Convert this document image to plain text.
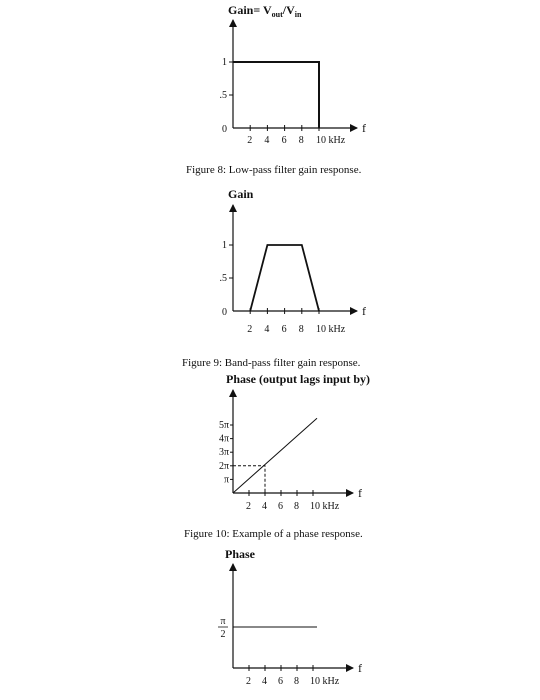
Gain= $V_{out}/V_{in}$
f
1
.5
0
2 4 6 8 10 kHz
Figure 8: Low-pass filter gain response.
Gain
f
1
.5
0
2 4 6 8 10 kHz
Figure 9: Band-pass filter gain response.
Phase (output lags input by)
f
5π
4π
3π
2π
π
2 4 6 8 10 kHz
Figure 10: Example of a phase response.
Phase
f
π
2
2 4 6 8 10 kHz
